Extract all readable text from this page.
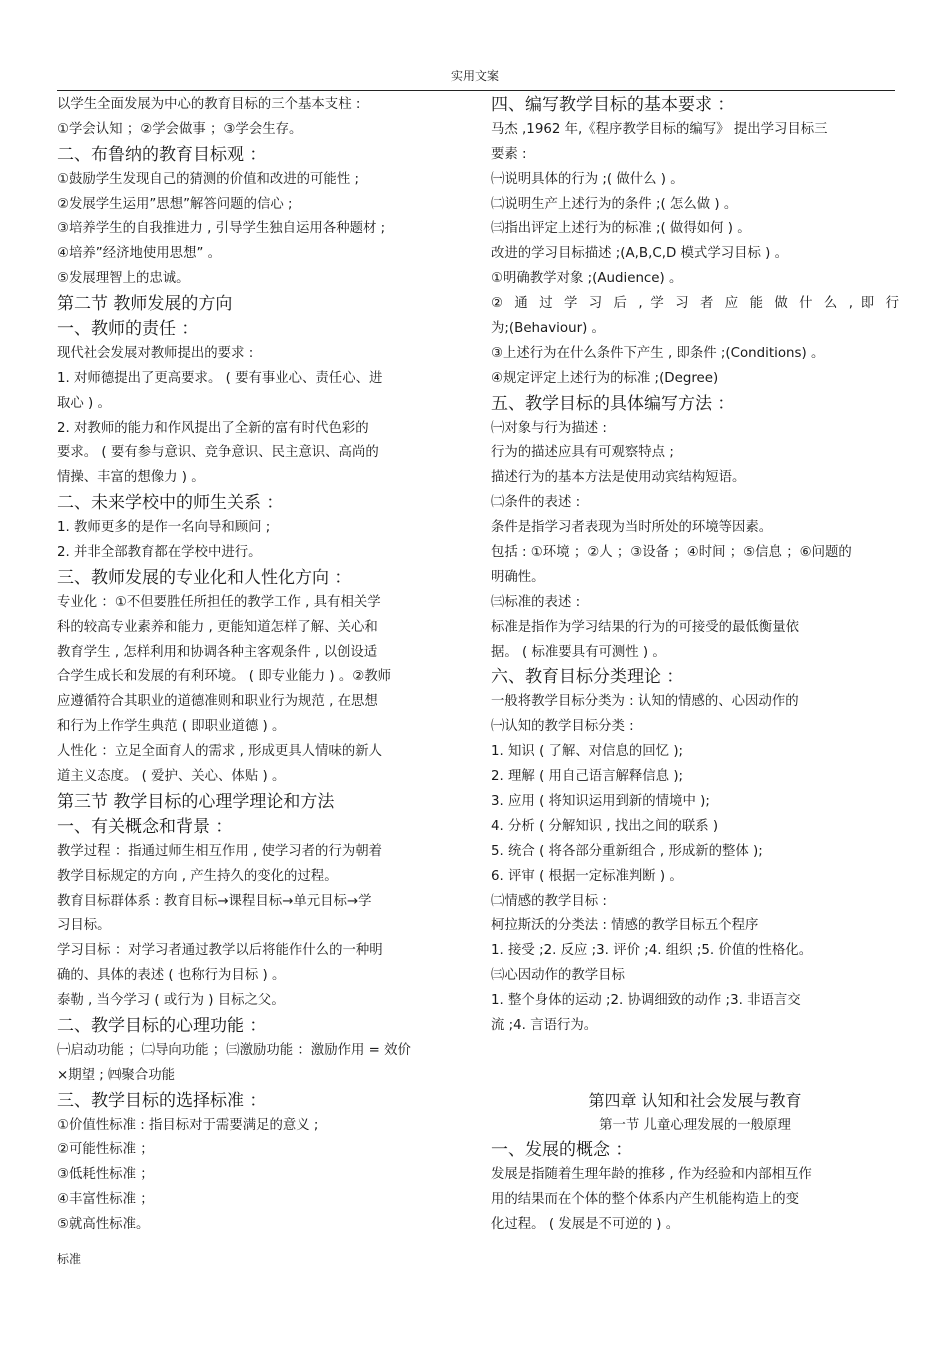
实用文案
以学生全面发展为中心的教育目标的三个基本支柱 :
①学会认知 ；②学会做事 ；③学会生存。
二、布鲁纳的教育目标观 ：
①鼓励学生发现自己的猜测的价值和改进的可能性 ;
②发展学生运用”思想”解答问题的信心 ;
③培养学生的自我推进力 , 引导学生独自运用各种题材 ;
④培养”经济地使用思想” 。
⑤发展理智上的忠诚。
第二节 教师发展的方向
一、教师的责任 ：
现代社会发展对教师提出的要求 :
1. 对师德提出了更高要求。 ( 要有事业心、责任心、进
取心 ) 。
2. 对教师的能力和作风提出了全新的富有时代色彩的
要求。 ( 要有参与意识、竞争意识、民主意识、高尚的
情操、丰富的想像力 ) 。
二、未来学校中的师生关系 ：
1. 教师更多的是作一名向导和顾问 ;
2. 并非全部教育都在学校中进行。
三、教师发展的专业化和人性化方向 ：
专业化 ：①不但要胜任所担任的教学工作 , 具有相关学
科的较高专业素养和能力 , 更能知道怎样了解、关心和
教育学生 , 怎样利用和协调各种主客观条件 , 以创设适
合学生成长和发展的有利环境。 ( 即专业能力 ) 。②教师
应遵循符合其职业的道德准则和职业行为规范 , 在思想
和行为上作学生典范 ( 即职业道德 ) 。
人性化 ：立足全面育人的需求 , 形成更具人情味的新人
道主义态度。 ( 爱护、关心、体贴 ) 。
第三节 教学目标的心理学理论和方法
一、有关概念和背景 ：
教学过程 ：指通过师生相互作用 , 使学习者的行为朝着
教学目标规定的方向 , 产生持久的变化的过程。
教育目标群体系 : 教育目标→课程目标→单元目标→学
习目标。
学习目标 ：对学习者通过教学以后将能作什么的一种明
确的、具体的表述 ( 也称行为目标 ) 。
泰勒 , 当今学习 ( 或行为 ) 目标之父。
二、教学目标的心理功能 ：
㈠启动功能 ；㈡导向功能 ；㈢激励功能 ：激励作用 = 效价
×期望 ; ㈣聚合功能
三、教学目标的选择标准 ：
①价值性标准 : 指目标对于需要满足的意义 ;
②可能性标准 ；
③低耗性标准 ；
④丰富性标准 ；
⑤就高性标准。
四、编写教学目标的基本要求 ：
马杰 ,1962 年,《程序教学目标的编写》 提出学习目标三
要素 :
㈠说明具体的行为 ;( 做什么 ) 。
㈡说明生产上述行为的条件 ;( 怎么做 ) 。
㈢指出评定上述行为的标准 ;( 做得如何 ) 。
改进的学习目标描述 ;(A,B,C,D 模式学习目标 ) 。
①明确教学对象 ;(Audience) 。
② 通 过 学 习 后 , 学 习 者 应 能 做 什 么 , 即 行
为;(Behaviour) 。
③上述行为在什么条件下产生 , 即条件 ;(Conditions) 。
④规定评定上述行为的标准 ;(Degree)
五、教学目标的具体编写方法 ：
㈠对象与行为描述 :
行为的描述应具有可观察特点 ;
描述行为的基本方法是使用动宾结构短语。
㈡条件的表述 :
条件是指学习者表现为当时所处的环境等因素。
包括 : ①环境 ；②人 ；③设备 ；④时间 ；⑤信息 ；⑥问题的
明确性。
㈢标准的表述 :
标准是指作为学习结果的行为的可接受的最低衡量依
据。 ( 标准要具有可测性 ) 。
六、教育目标分类理论 ：
一般将教学目标分类为 : 认知的情感的、心因动作的
㈠认知的教学目标分类 :
1. 知识 ( 了解、对信息的回忆 );
2. 理解 ( 用自己语言解释信息 );
3. 应用 ( 将知识运用到新的情境中 );
4. 分析 ( 分解知识 , 找出之间的联系 )
5. 统合 ( 将各部分重新组合 , 形成新的整体 );
6. 评审 ( 根据一定标准判断 ) 。
㈡情感的教学目标 :
柯拉斯沃的分类法 : 情感的教学目标五个程序
1. 接受 ;2. 反应 ;3. 评价 ;4. 组织 ;5. 价值的性格化。
㈢心因动作的教学目标
1. 整个身体的运动 ;2. 协调细致的动作 ;3. 非语言交
流 ;4. 言语行为。
第四章 认知和社会发展与教育
第一节 儿童心理发展的一般原理
一、发展的概念 ：
发展是指随着生理年龄的推移 , 作为经验和内部相互作
用的结果而在个体的整个体系内产生机能构造上的变
化过程。 ( 发展是不可逆的 ) 。
标准
